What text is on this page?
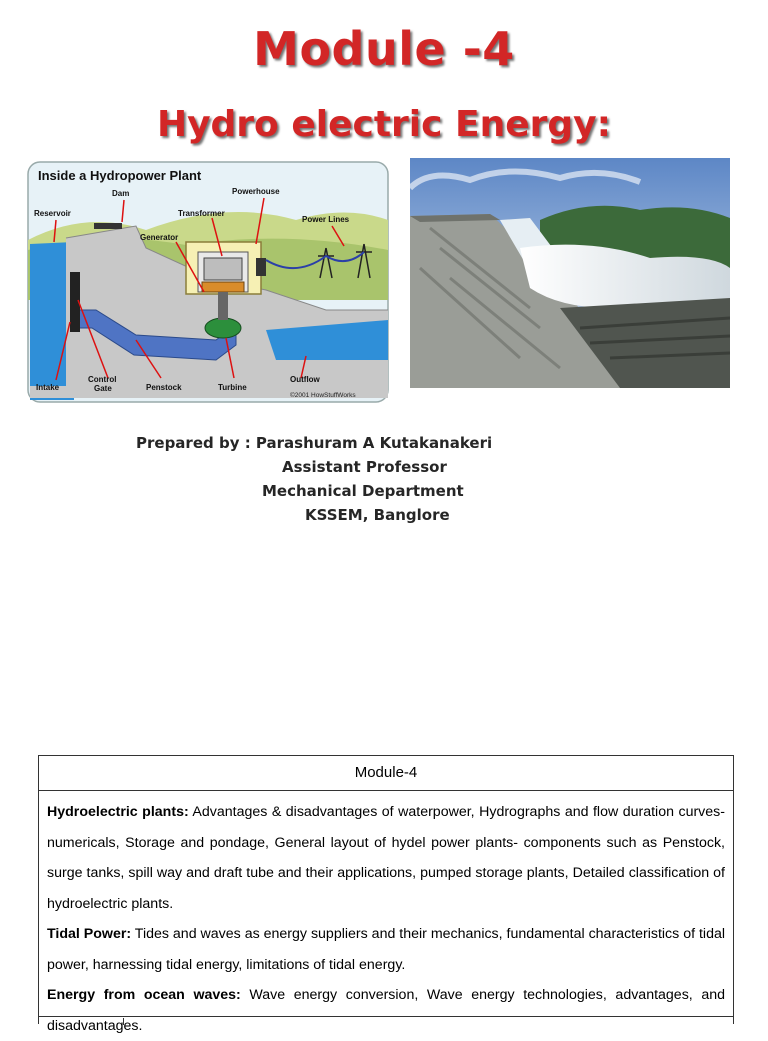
Module -4
Hydro electric Energy:
Inside a Hydropower Plant
Reservoir
Dam	Powerhouse
Transformer
Generator
Power Lines
Intake
Control
Gate	Penstock	Turbine
Outflow
©2001 HowStuffWorks
Prepared by : Parashuram A Kutakanakeri
Assistant Professor
Mechanical Department
KSSEM, Banglore
Module-4
Hydroelectric plants: Advantages & disadvantages of waterpower, Hydrographs and flow duration curves-numericals, Storage and pondage, General layout of hydel power plants- components such as Penstock, surge tanks, spill way and draft tube and their applications, pumped storage plants, Detailed classification of hydroelectric plants.
Tidal Power: Tides and waves as energy suppliers and their mechanics, fundamental characteristics of tidal power, harnessing tidal energy, limitations of tidal energy.
Energy from ocean waves: Wave energy conversion, Wave energy technologies, advantages, and disadvantages.
